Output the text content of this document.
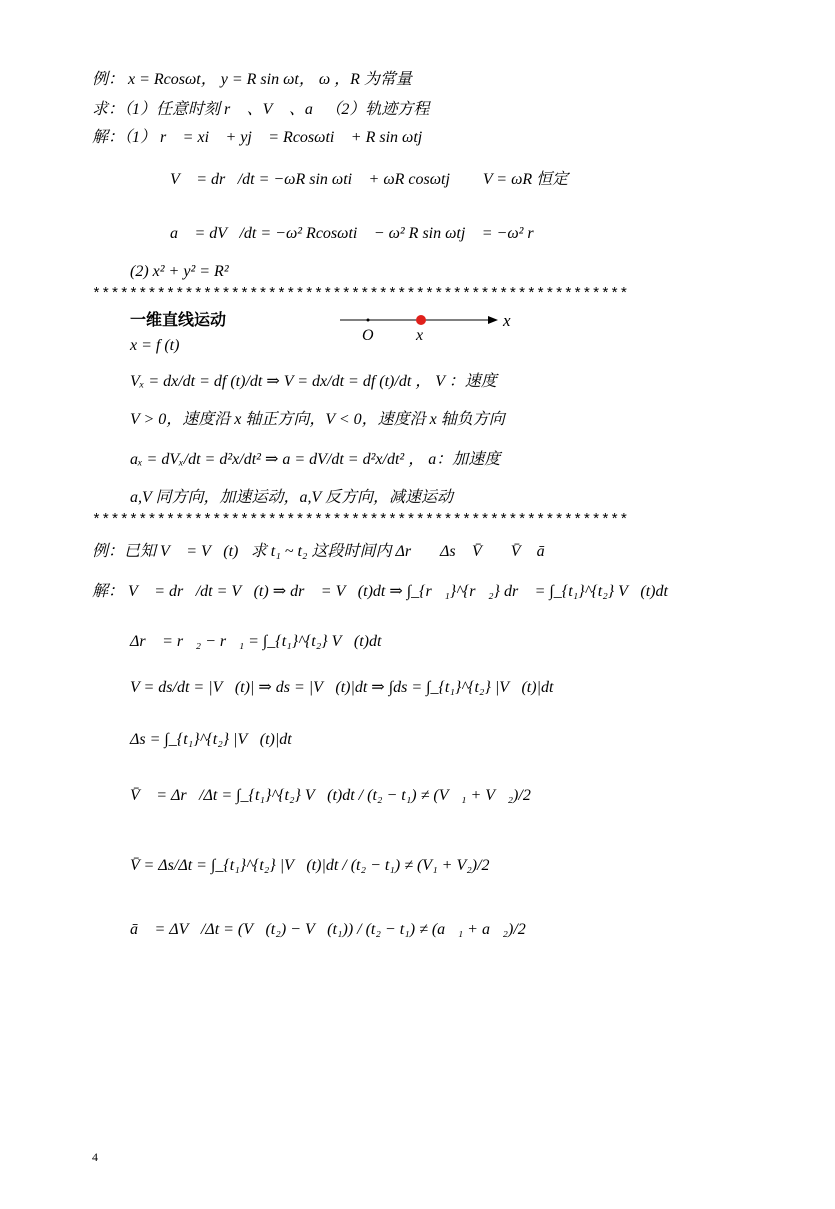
例： x = Rcosωt， y = R sin ωt， ω ，R 为常量
求：（1）任意时刻 r⃗ 、V⃗ 、a⃗（2）轨迹方程
解：（1） r⃗ = xi⃗ + yj⃗ = Rcosωti⃗ + R sin ωtj⃗
V⃗ = dr⃗/dt = −ωR sin ωti⃗ + ωR cosωtj⃗ ， V = ωR 恒定
a⃗ = dV⃗/dt = −ω² Rcosωti⃗ − ω² R sin ωtj⃗ = −ω² r⃗
(2) x² + y² = R²
**********************************************************
一维直线运动
O	x
x
x = f (t)
Vₓ = dx/dt = df (t)/dt ⇒ V = dx/dt = df (t)/dt ， V ：速度
V > 0，速度沿 x 轴正方向，V < 0，速度沿 x 轴负方向
aₓ = dVₓ/dt = d²x/dt² ⇒ a = dV/dt = d²x/dt² ， a：加速度
a,V 同方向，加速运动，a,V 反方向，减速运动
**********************************************************
例：已知 V⃗ = V⃗(t)，求 t₁ ~ t₂ 这段时间内 Δr⃗ ，Δs ，V̄⃗ ，V̄ ，ā⃗
解： V⃗ = dr⃗/dt = V⃗(t) ⇒ dr⃗ = V⃗(t)dt ⇒ ∫_{r⃗₁}^{r⃗₂} dr⃗ = ∫_{t₁}^{t₂} V⃗(t)dt ，
Δr⃗ = r⃗₂ − r⃗₁ = ∫_{t₁}^{t₂} V⃗(t)dt
V = ds/dt = |V⃗(t)| ⇒ ds = |V⃗(t)|dt ⇒ ∫ds = ∫_{t₁}^{t₂} |V⃗(t)|dt
Δs = ∫_{t₁}^{t₂} |V⃗(t)|dt
V̄⃗ = Δr⃗/Δt = ∫_{t₁}^{t₂} V⃗(t)dt / (t₂ − t₁) ≠ (V⃗₁ + V⃗₂)/2
V̄ = Δs/Δt = ∫_{t₁}^{t₂} |V⃗(t)|dt / (t₂ − t₁) ≠ (V₁ + V₂)/2
ā⃗ = ΔV⃗/Δt = (V⃗(t₂) − V⃗(t₁)) / (t₂ − t₁) ≠ (a⃗₁ + a⃗₂)/2
4
